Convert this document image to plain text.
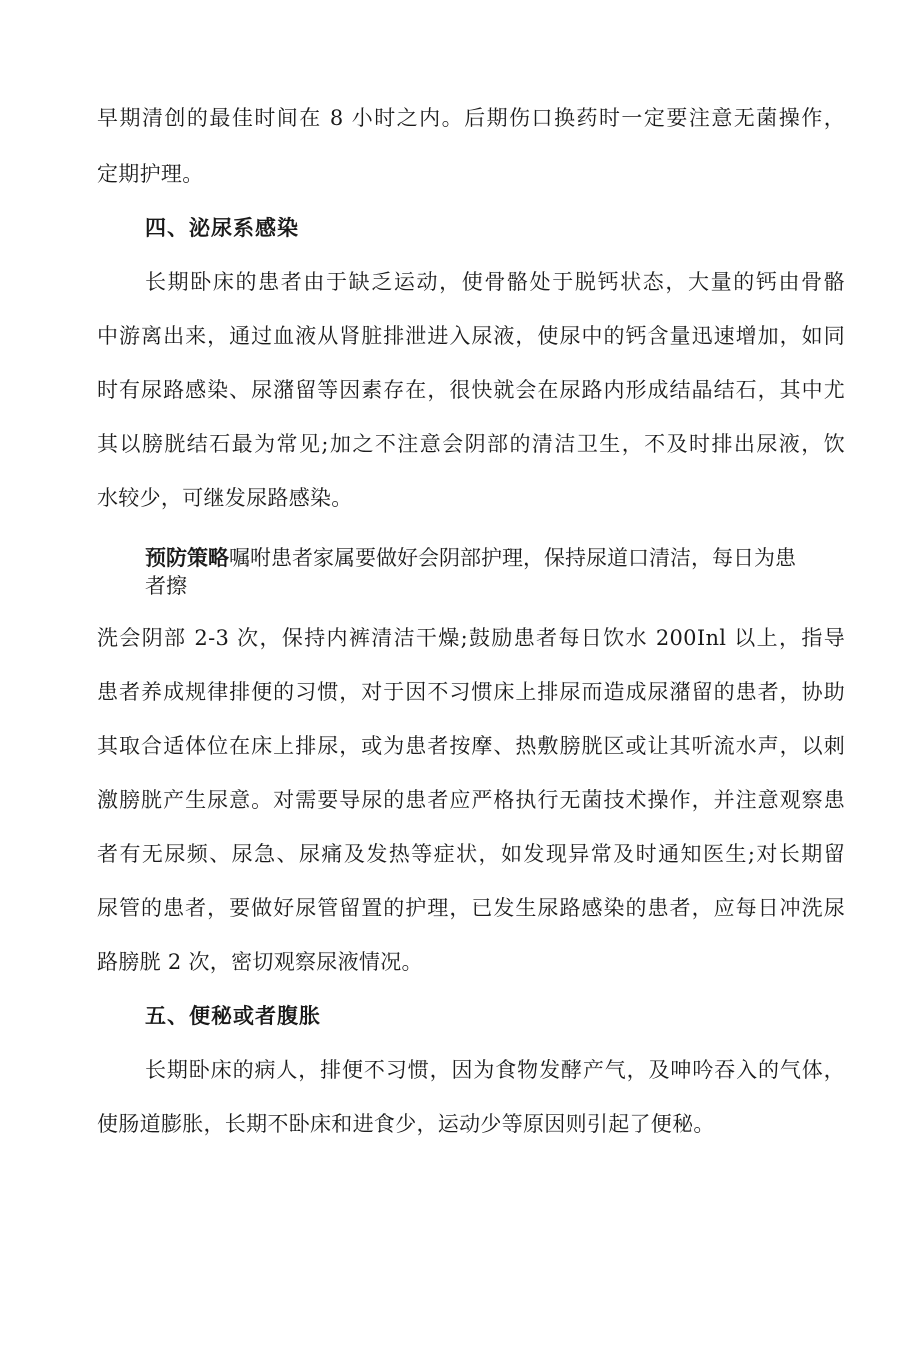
早期清创的最佳时间在 8 小时之内。后期伤口换药时一定要注意无菌操作，
定期护理。
四、泌尿系感染
长期卧床的患者由于缺乏运动，使骨骼处于脱钙状态，大量的钙由骨骼
中游离出来，通过血液从肾脏排泄进入尿液，使尿中的钙含量迅速增加，如同
时有尿路感染、尿潴留等因素存在，很快就会在尿路内形成结晶结石，其中尤
其以膀胱结石最为常见;加之不注意会阴部的清洁卫生，不及时排出尿液，饮
水较少，可继发尿路感染。
预防策略嘱咐患者家属要做好会阴部护理，保持尿道口清洁，每日为患
者擦
洗会阴部 2-3 次，保持内裤清洁干燥;鼓励患者每日饮水 200Inl 以上，指导
患者养成规律排便的习惯，对于因不习惯床上排尿而造成尿潴留的患者，协助
其取合适体位在床上排尿，或为患者按摩、热敷膀胱区或让其听流水声，以刺
激膀胱产生尿意。对需要导尿的患者应严格执行无菌技术操作，并注意观察患
者有无尿频、尿急、尿痛及发热等症状，如发现异常及时通知医生;对长期留
尿管的患者，要做好尿管留置的护理，已发生尿路感染的患者，应每日冲洗尿
路膀胱 2 次，密切观察尿液情况。
五、便秘或者腹胀
长期卧床的病人，排便不习惯，因为食物发酵产气，及呻吟吞入的气体，
使肠道膨胀，长期不卧床和进食少，运动少等原因则引起了便秘。
